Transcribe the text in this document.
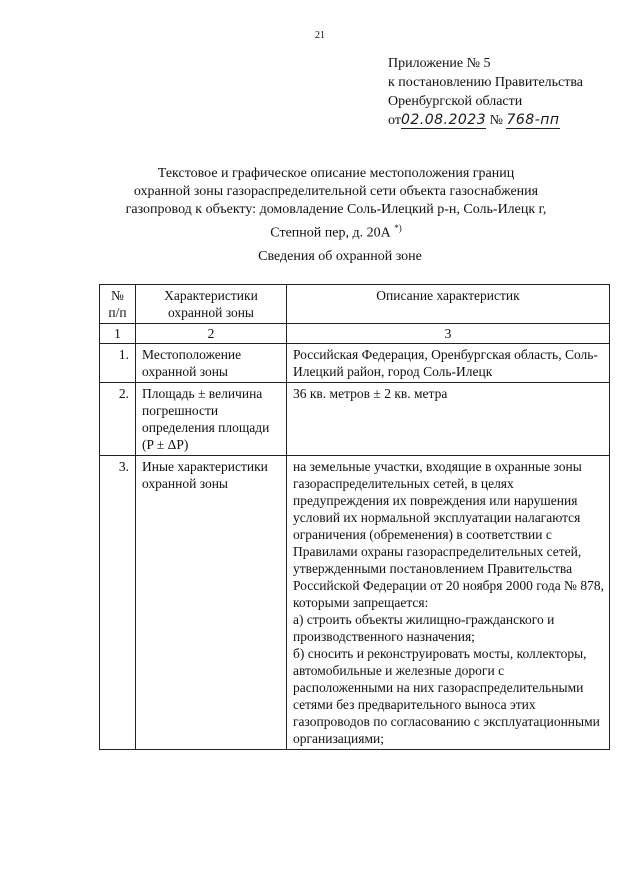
21
Приложение № 5
к постановлению Правительства
Оренбургской области
от02.08.2023 № 768-пп
Текстовое и графическое описание местоположения границ
охранной зоны газораспределительной сети объекта газоснабжения
газопровод к объекту: домовладение Соль-Илецкий р-н, Соль-Илецк г,
Степной пер, д. 20А *)
Сведения об охранной зоне
№ п/п	Характеристики охранной зоны	Описание характеристик
1	2	3
1.	Местоположение охранной зоны	Российская Федерация, Оренбургская область, Соль-Илецкий район, город Соль-Илецк
2.	Площадь ± величина погрешности определения площади (P ± ΔP)	36 кв. метров ± 2 кв. метра
3.	Иные характеристики охранной зоны	на земельные участки, входящие в охранные зоны газораспределительных сетей, в целях предупреждения их повреждения или нарушения условий их нормальной эксплуатации налагаются ограничения (обременения) в соответствии с Правилами охраны газораспределительных сетей, утвержденными постановлением Правительства Российской Федерации от 20 ноября 2000 года № 878, которыми запрещается:
а) строить объекты жилищно-гражданского и производственного назначения;
б) сносить и реконструировать мосты, коллекторы, автомобильные и железные дороги с расположенными на них газораспределительными сетями без предварительного выноса этих газопроводов по согласованию с эксплуатационными организациями;
